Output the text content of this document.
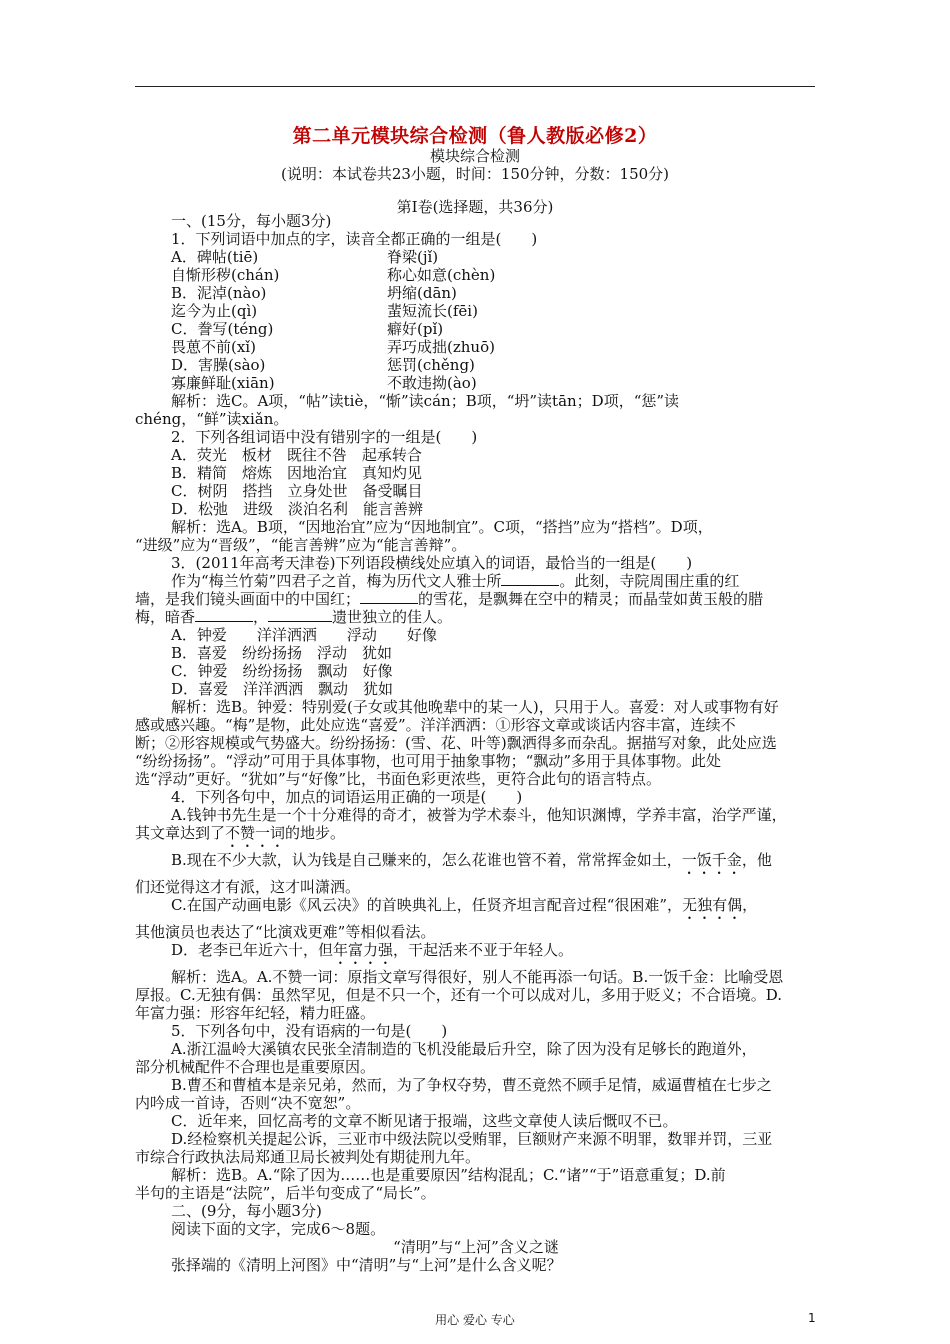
第二单元模块综合检测（鲁人教版必修2）
模块综合检测
(说明：本试卷共23小题，时间：150分钟，分数：150分)
第Ⅰ卷(选择题，共36分)

一、(15分，每小题3分)

1．下列词语中加点的字，读音全都正确的一组是(　　)

A．碑帖(tiē)	脊梁(jǐ)
自惭形秽(chán)	称心如意(chèn)
B．泥淖(nào)	坍缩(dān)
迄今为止(qì)	蜚短流长(fēi)
C．誊写(téng)	癖好(pǐ)
畏葸不前(xǐ)	弄巧成拙(zhuō)
D．害臊(sào)	惩罚(chěng)
寡廉鲜耻(xiān)	不敢违拗(ào)

解析：选C。A项，“帖”读tiè，“惭”读cán；B项，“坍”读tān；D项，“惩”读

chéng，“鲜”读xiǎn。

2．下列各组词语中没有错别字的一组是(　　)

A．荧光　板材　既往不咎　起承转合

B．精简　熔炼　因地治宜　真知灼见

C．树阴　搭挡　立身处世　备受瞩目

D．松弛　进级　淡泊名利　能言善辨

解析：选A。B项，“因地治宜”应为“因地制宜”。C项，“搭挡”应为“搭档”。D项，

“进级”应为“晋级”，“能言善辨”应为“能言善辩”。

3．(2011年高考天津卷)下列语段横线处应填入的词语，最恰当的一组是(　　)

作为“梅兰竹菊”四君子之首，梅为历代文人雅士所	。此刻，寺院周围庄重的红

墙，是我们镜头画面中的中国红；	的雪花，是飘舞在空中的精灵；而晶莹如黄玉般的腊

梅，暗香	，	遗世独立的佳人。

A．钟爱　　洋洋洒洒　　浮动　　好像

B．喜爱　纷纷扬扬　浮动　犹如

C．钟爱　纷纷扬扬　飘动　好像

D．喜爱　洋洋洒洒　飘动　犹如

解析：选B。钟爱：特别爱(子女或其他晚辈中的某一人)，只用于人。喜爱：对人或事物有好

感或感兴趣。“梅”是物，此处应选“喜爱”。洋洋洒洒：①形容文章或谈话内容丰富，连续不

断；②形容规模或气势盛大。纷纷扬扬：(雪、花、叶等)飘洒得多而杂乱。据描写对象，此处应选

“纷纷扬扬”。“浮动”可用于具体事物，也可用于抽象事物；“飘动”多用于具体事物。此处

选“浮动”更好。“犹如”与“好像”比，书面色彩更浓些，更符合此句的语言特点。

4．下列各句中，加点的词语运用正确的一项是(　　)

A.钱钟书先生是一个十分难得的奇才，被誉为学术泰斗，他知识渊博，学养丰富，治学严谨，

其文章达到了不赞一词的地步。

B.现在不少大款，认为钱是自己赚来的，怎么花谁也管不着，常常挥金如土，一饭千金，他

们还觉得这才有派，这才叫潇洒。

C.在国产动画电影《风云决》的首映典礼上，任贤齐坦言配音过程“很困难”，无独有偶，

其他演员也表达了“比演戏更难”等相似看法。

D．老李已年近六十，但年富力强，干起活来不亚于年轻人。

解析：选A。A.不赞一词：原指文章写得很好，别人不能再添一句话。B.一饭千金：比喻受恩

厚报。C.无独有偶：虽然罕见，但是不只一个，还有一个可以成对儿，多用于贬义；不合语境。D.

年富力强：形容年纪轻，精力旺盛。

5．下列各句中，没有语病的一句是(　　)

A.浙江温岭大溪镇农民张全清制造的飞机没能最后升空，除了因为没有足够长的跑道外，

部分机械配件不合理也是重要原因。

B.曹丕和曹植本是亲兄弟，然而，为了争权夺势，曹丕竟然不顾手足情，威逼曹植在七步之

内吟成一首诗，否则“决不宽恕”。

C．近年来，回忆高考的文章不断见诸于报端，这些文章使人读后慨叹不已。

D.经检察机关提起公诉，三亚市中级法院以受贿罪，巨额财产来源不明罪，数罪并罚，三亚

市综合行政执法局郑通卫局长被判处有期徒刑九年。

解析：选B。A.“除了因为……也是重要原因”结构混乱；C.“诸”“于”语意重复；D.前

半句的主语是“法院”，后半句变成了“局长”。

二、(9分，每小题3分)

阅读下面的文字，完成6～8题。

“清明”与“上河”含义之谜

张择端的《清明上河图》中“清明”与“上河”是什么含义呢？

用心 爱心 专心	1
